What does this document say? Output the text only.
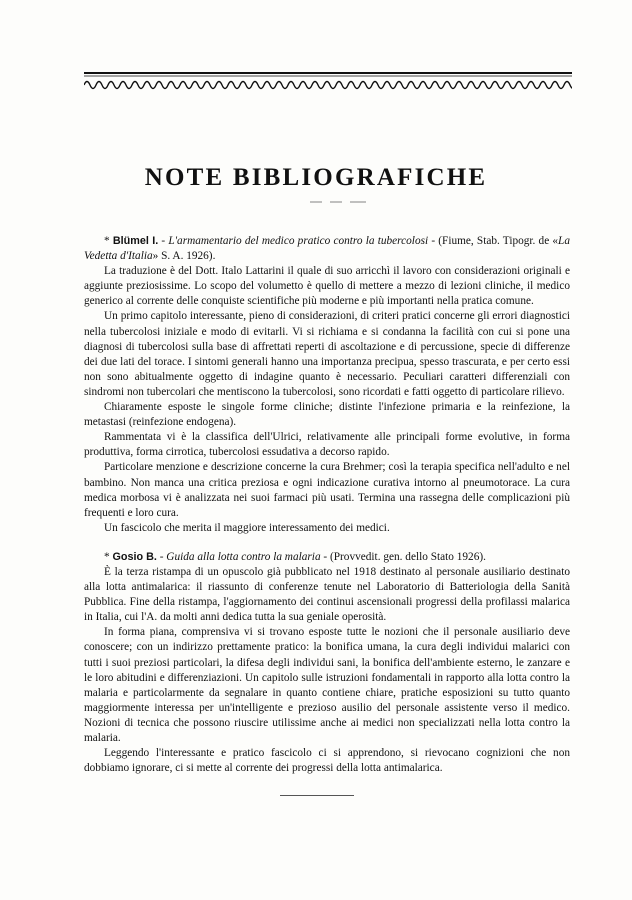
NOTE BIBLIOGRAFICHE

* Blümel I. - L'armamentario del medico pratico contro la tubercolosi - (Fiume, Stab. Tipogr. de «La Vedetta d'Italia» S. A. 1926).

La traduzione è del Dott. Italo Lattarini il quale di suo arricchì il lavoro con considerazioni originali e aggiunte preziosissime. Lo scopo del volumetto è quello di mettere a mezzo di lezioni cliniche, il medico generico al corrente delle conquiste scientifiche più moderne e più importanti nella pratica comune.

Un primo capitolo interessante, pieno di considerazioni, di criteri pratici concerne gli errori diagnostici nella tubercolosi iniziale e modo di evitarli. Vi si richiama e si condanna la facilità con cui si pone una diagnosi di tubercolosi sulla base di affrettati reperti di ascoltazione e di percussione, specie di differenze dei due lati del torace. I sintomi generali hanno una importanza precipua, spesso trascurata, e per certo essi non sono abitualmente oggetto di indagine quanto è necessario. Peculiari caratteri differenziali con sindromi non tubercolari che mentiscono la tubercolosi, sono ricordati e fatti oggetto di particolare rilievo.

Chiaramente esposte le singole forme cliniche; distinte l'infezione primaria e la reinfezione, la metastasi (reinfezione endogena).

Rammentata vi è la classifica dell'Ulrici, relativamente alle principali forme evolutive, in forma produttiva, forma cirrotica, tubercolosi essudativa a decorso rapido.

Particolare menzione e descrizione concerne la cura Brehmer; così la terapia specifica nell'adulto e nel bambino. Non manca una critica preziosa e ogni indicazione curativa intorno al pneumotorace. La cura medica morbosa vi è analizzata nei suoi farmaci più usati. Termina una rassegna delle complicazioni più frequenti e loro cura.

Un fascicolo che merita il maggiore interessamento dei medici.

* Gosio B. - Guida alla lotta contro la malaria - (Provvedit. gen. dello Stato 1926).

È la terza ristampa di un opuscolo già pubblicato nel 1918 destinato al personale ausiliario destinato alla lotta antimalarica: il riassunto di conferenze tenute nel Laboratorio di Batteriologia della Sanità Pubblica. Fine della ristampa, l'aggiornamento dei continui ascensionali progressi della profilassi malarica in Italia, cui l'A. da molti anni dedica tutta la sua geniale operosità.

In forma piana, comprensiva vi si trovano esposte tutte le nozioni che il personale ausiliario deve conoscere; con un indirizzo prettamente pratico: la bonifica umana, la cura degli individui malarici con tutti i suoi preziosi particolari, la difesa degli individui sani, la bonifica dell'ambiente esterno, le zanzare e le loro abitudini e differenziazioni. Un capitolo sulle istruzioni fondamentali in rapporto alla lotta contro la malaria e particolarmente da segnalare in quanto contiene chiare, pratiche esposizioni su tutto quanto maggiormente interessa per un'intelligente e prezioso ausilio del personale assistente verso il medico. Nozioni di tecnica che possono riuscire utilissime anche ai medici non specializzati nella lotta contro la malaria.

Leggendo l'interessante e pratico fascicolo ci si apprendono, si rievocano cognizioni che non dobbiamo ignorare, ci si mette al corrente dei progressi della lotta antimalarica.
